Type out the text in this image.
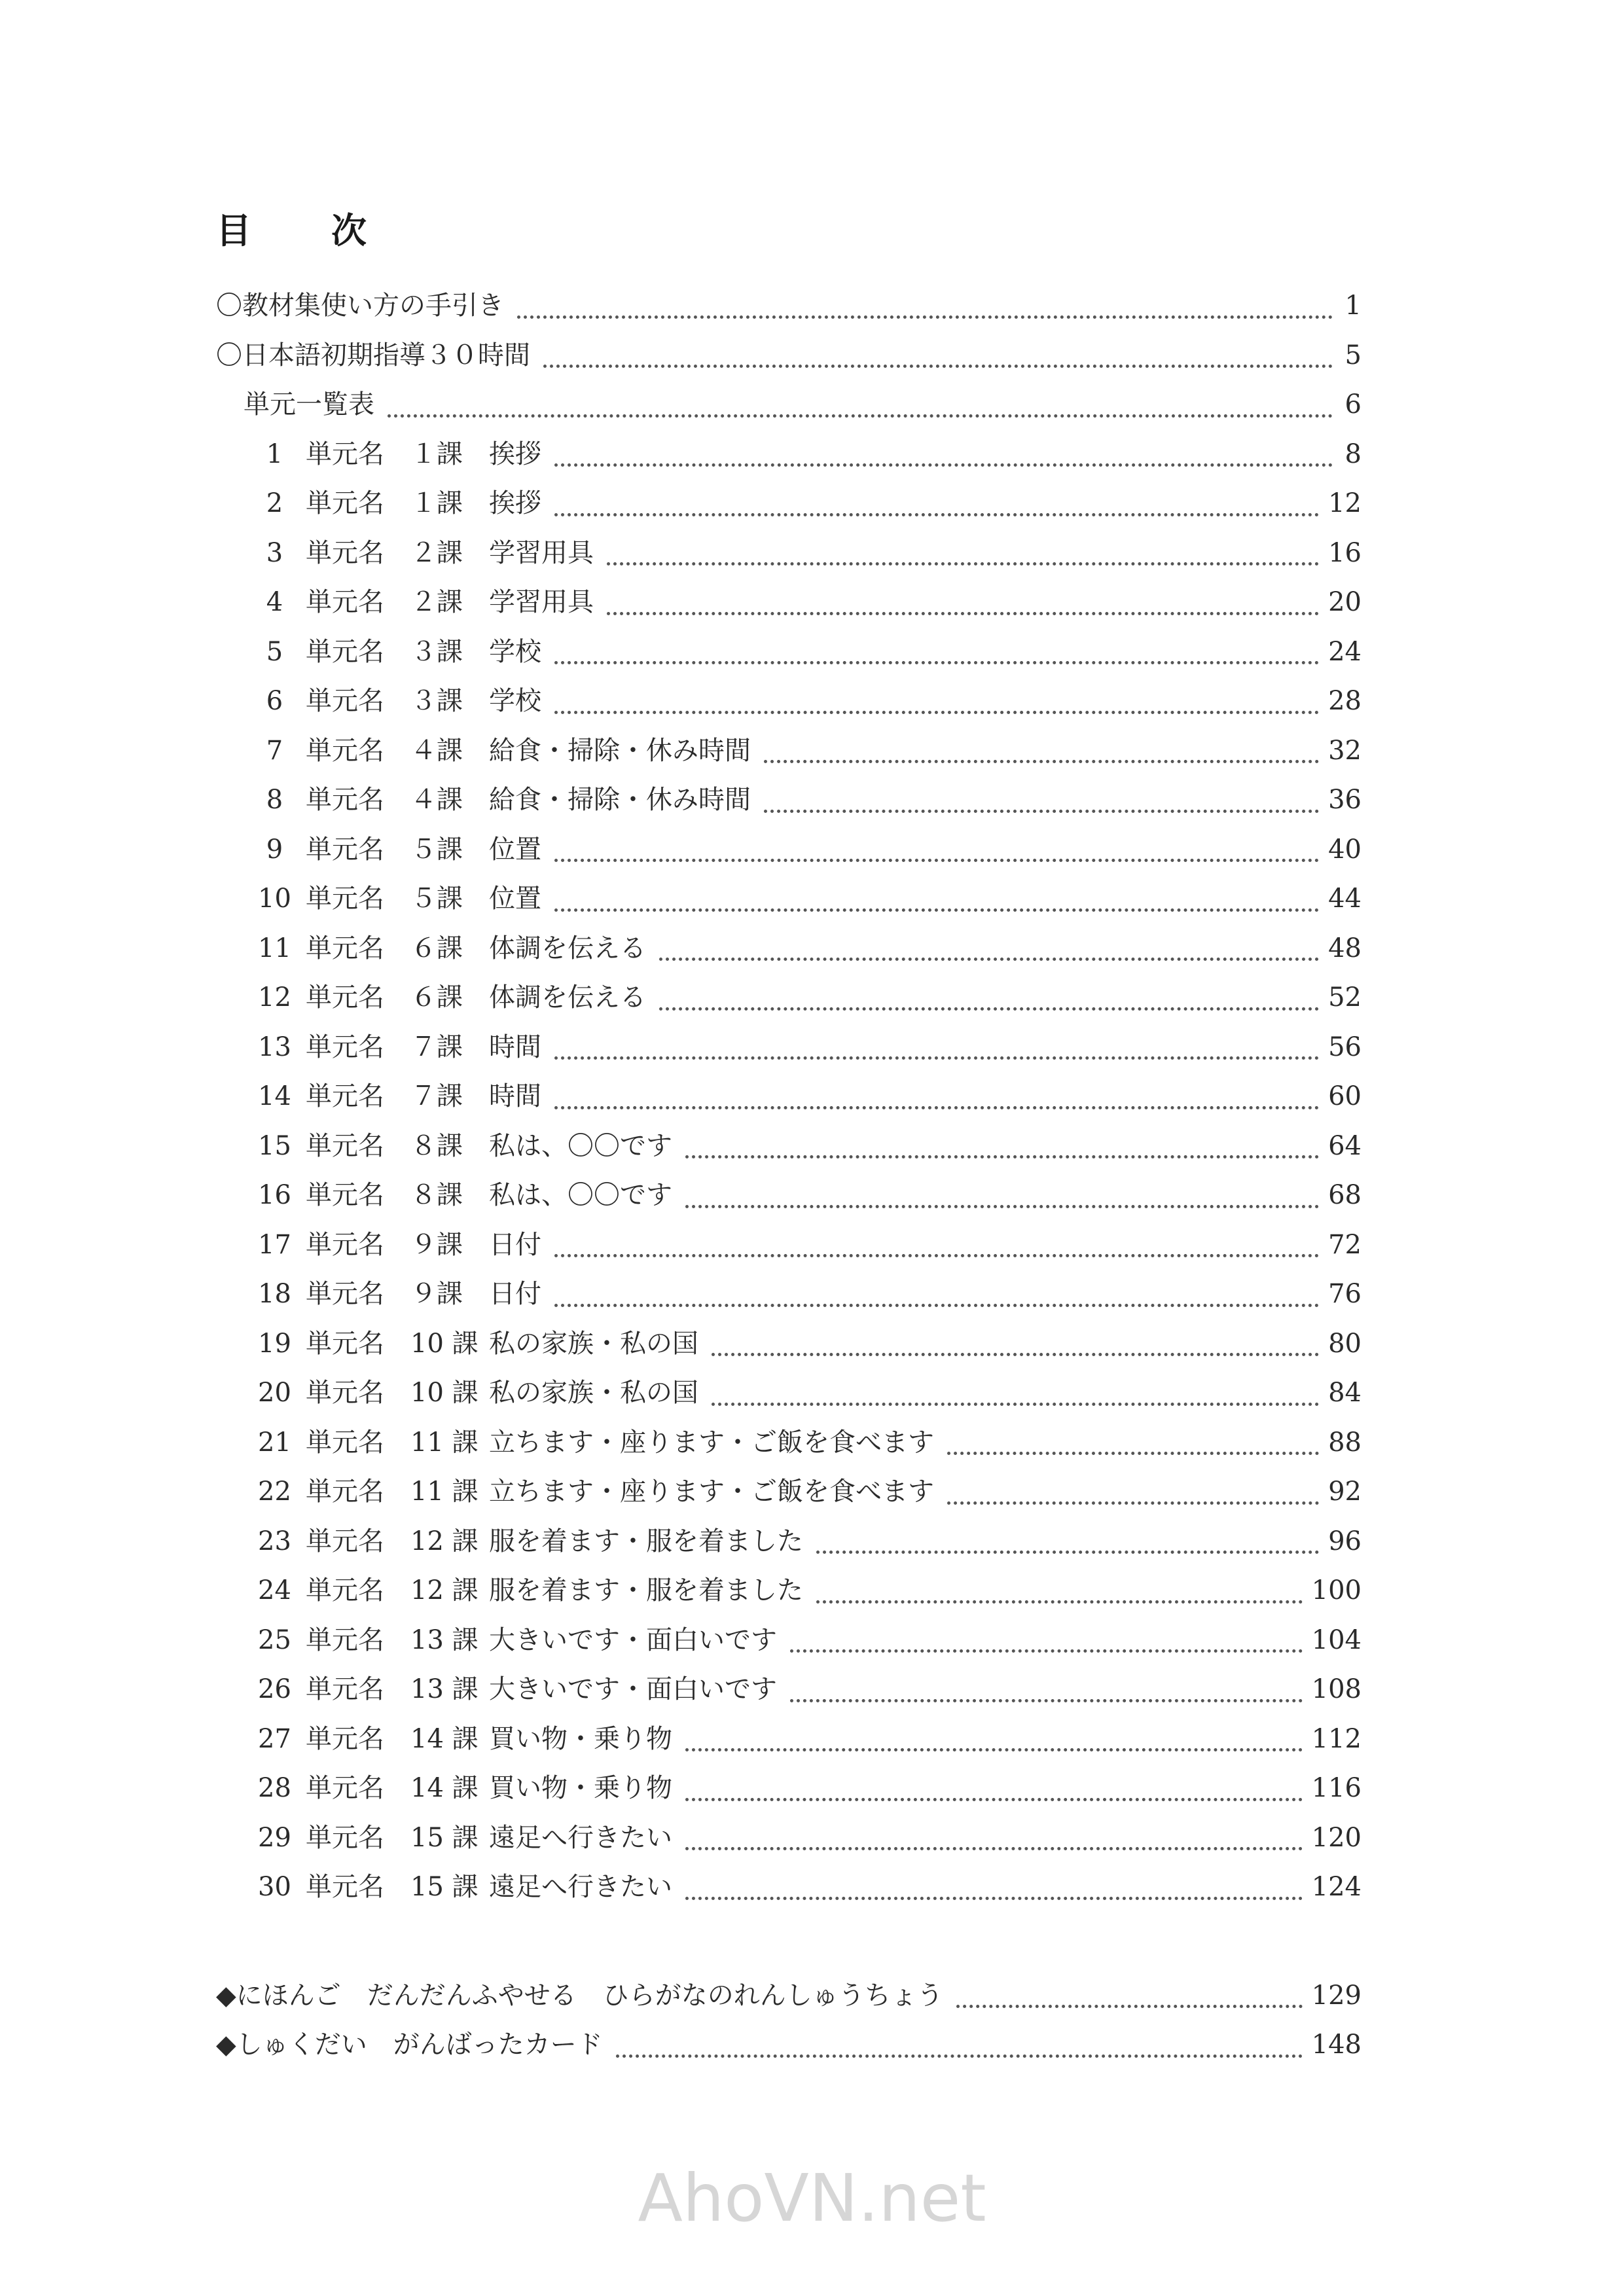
目　次
〇教材集使い方の手引き	1
〇日本語初期指導３０時間	5
単元一覧表	6
1 単元名	１課	挨拶	8
2 単元名	１課	挨拶	12
3 単元名	２課	学習用具	16
4 単元名	２課	学習用具	20
5 単元名	３課	学校	24
6 単元名	３課	学校	28
7 単元名	４課	給食・掃除・休み時間	32
8 単元名	４課	給食・掃除・休み時間	36
9 単元名	５課	位置	40
10 単元名	５課	位置	44
11 単元名	６課	体調を伝える	48
12 単元名	６課	体調を伝える	52
13 単元名	７課	時間	56
14 単元名	７課	時間	60
15 単元名	８課	私は、〇〇です	64
16 単元名	８課	私は、〇〇です	68
17 単元名	９課	日付	72
18 単元名	９課	日付	76
19 単元名	10 課 私の家族・私の国	80
20 単元名	10 課 私の家族・私の国	84
21 単元名	11 課 立ちます・座ります・ご飯を食べます	88
22 単元名	11 課 立ちます・座ります・ご飯を食べます	92
23 単元名	12 課 服を着ます・服を着ました	96
24 単元名	12 課 服を着ます・服を着ました	100
25 単元名	13 課 大きいです・面白いです	104
26 単元名	13 課 大きいです・面白いです	108
27 単元名	14 課 買い物・乗り物	112
28 単元名	14 課 買い物・乗り物	116
29 単元名	15 課 遠足へ行きたい	120
30 単元名	15 課 遠足へ行きたい	124
◆にほんご　だんだんふやせる　ひらがなのれんしゅうちょう	129
◆しゅくだい　がんばったカード	148
AhoVN.net
